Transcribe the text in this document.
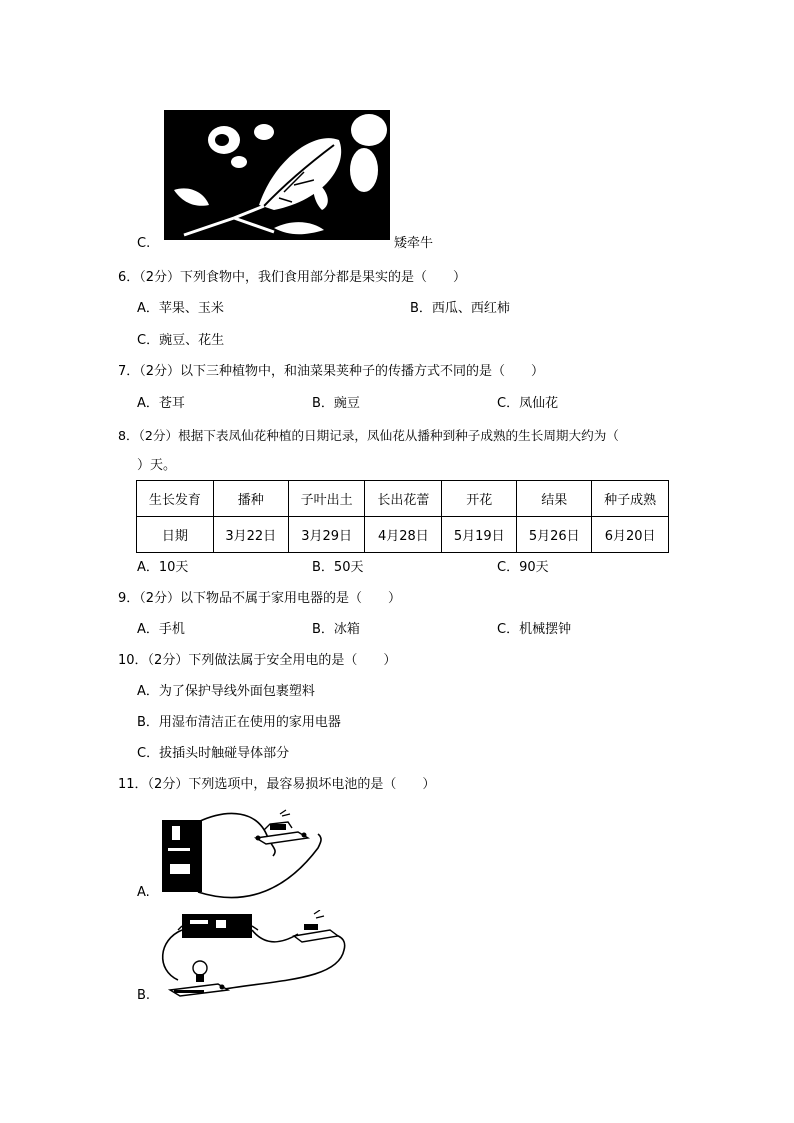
C.	矮牵牛
6．（2分）下列食物中，我们食用部分都是果实的是（　　）
A．苹果、玉米	B．西瓜、西红柿
C．豌豆、花生
7．（2分）以下三种植物中，和油菜果荚种子的传播方式不同的是（　　）
A．苍耳	B．豌豆	C．凤仙花
8．（2分）根据下表凤仙花种植的日期记录，凤仙花从播种到种子成熟的生长周期大约为（
）天。
生长发育	播种	子叶出土	长出花蕾	开花	结果	种子成熟
日期	3月22日	3月29日	4月28日	5月19日	5月26日	6月20日
A．10天	B．50天	C．90天
9．（2分）以下物品不属于家用电器的是（　　）
A．手机	B．冰箱	C．机械摆钟
10．（2分）下列做法属于安全用电的是（　　）
A．为了保护导线外面包裹塑料
B．用湿布清洁正在使用的家用电器
C．拔插头时触碰导体部分
11．（2分）下列选项中，最容易损坏电池的是（　　）
A.
B.
